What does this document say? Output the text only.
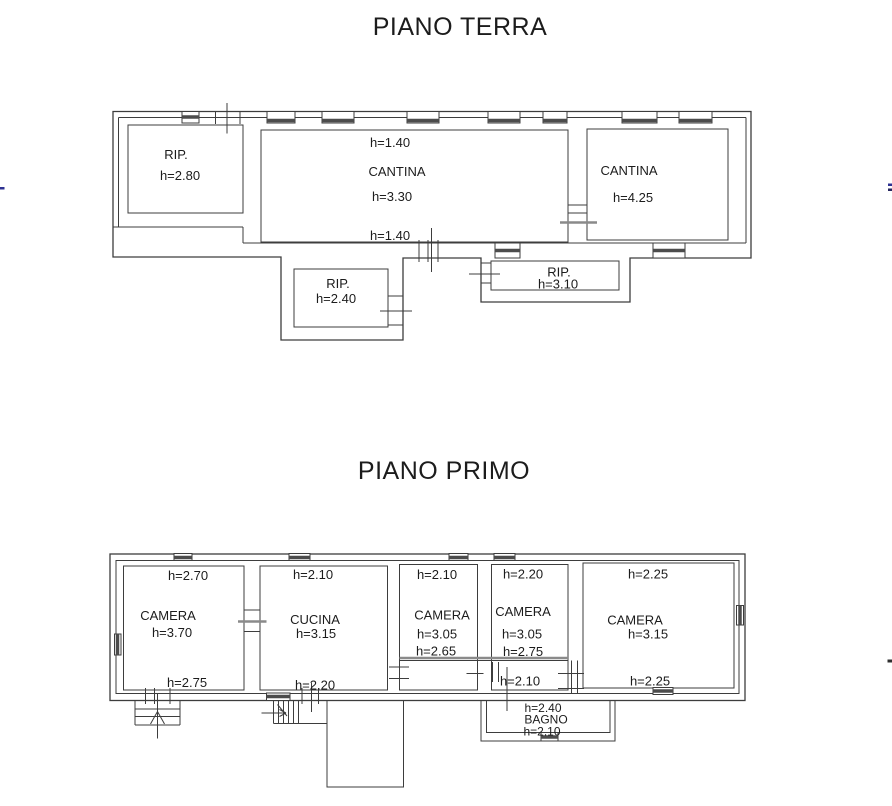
PIANO TERRA
PIANO PRIMO
RIP.
h=2.80
h=1.40
CANTINA
h=3.30
h=1.40
CANTINA
h=4.25
RIP.
h=2.40
RIP.
h=3.10
h=2.70
CAMERA
h=3.70
h=2.75
h=2.10
CUCINA
h=3.15
h=2.20
h=2.10
CAMERA
h=3.05
h=2.65
h=2.20
CAMERA
h=3.05
h=2.75
h=2.25
CAMERA
h=3.15
h=2.25
h=2.10
h=2.40
BAGNO
h=2.10
